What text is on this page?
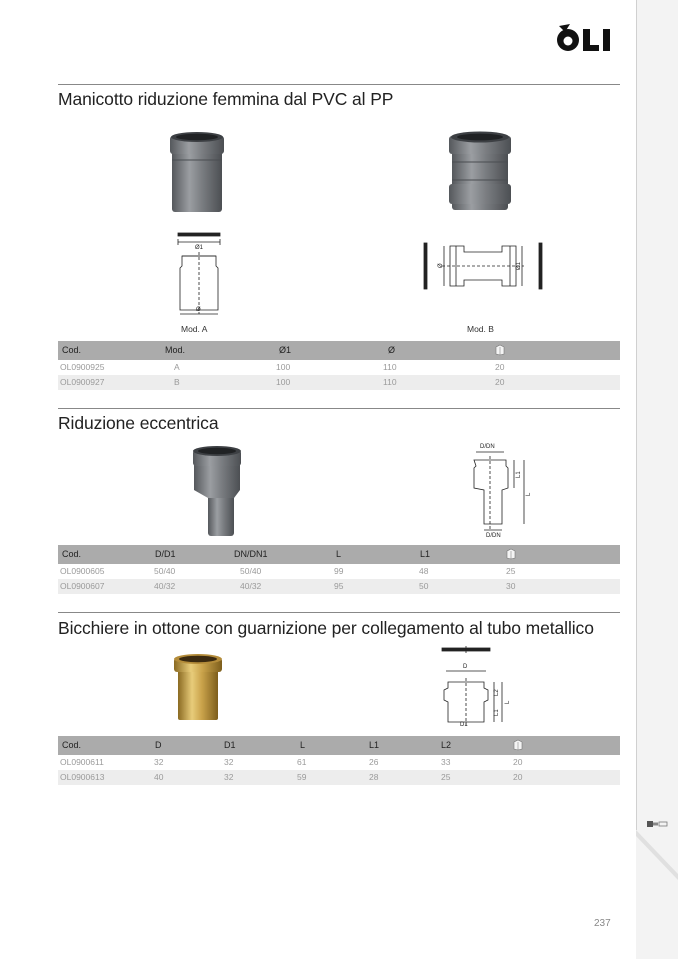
Manicotto riduzione femmina dal PVC al PP
Ø1
Ø
Mod. A
Ø	Ø1
Mod. B
Cod.	Mod.	Ø1	Ø
OL0900925	A	100	110	20
OL0900927	B	100	110	20
Riduzione eccentrica
D/DN
L1
L
D/DN
Cod.	D/D1	DN/DN1	L	L1
OL0900605	50/40	50/40	99	48	25
OL0900607	40/32	40/32	95	50	30
Bicchiere in ottone con guarnizione per collegamento al tubo metallico
D
L2
L
L1
D1
Cod.	D	D1	L	L1	L2
OL0900611	32	32	61	26	33	20
OL0900613	40	32	59	28	25	20
237
